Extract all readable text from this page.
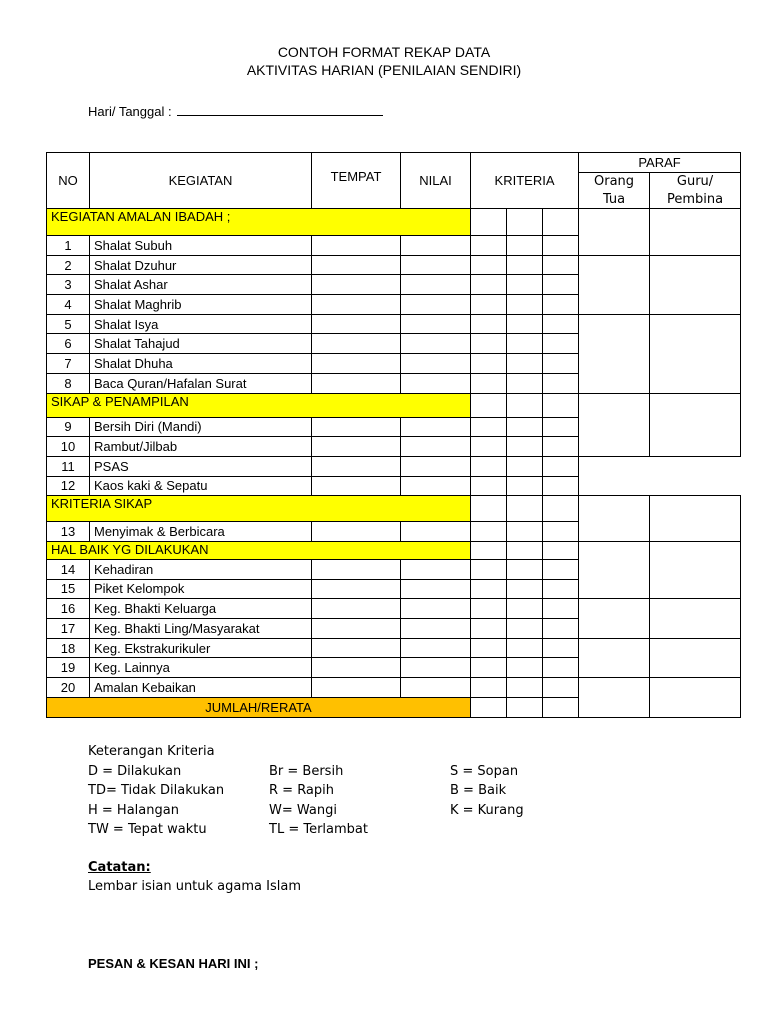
CONTOH FORMAT REKAP DATA
AKTIVITAS HARIAN (PENILAIAN SENDIRI)
Hari/ Tanggal :
NO	KEGIATAN	TEMPAT	NILAI	KRITERIA			PARAF		
							Orang	Guru/	
							Tua	Pembina	
KEGIATAN AMALAN IBADAH ;									
1	Shalat Subuh								
2	Shalat Dzuhur								
3	Shalat Ashar								
4	Shalat Maghrib								
5	Shalat Isya								
6	Shalat Tahajud								
7	Shalat Dhuha								
8	Baca Quran/Hafalan Surat								
SIKAP & PENAMPILAN									
9	Bersih Diri (Mandi)								
10	Rambut/Jilbab								
11	PSAS								
12	Kaos kaki & Sepatu								
KRITERIA SIKAP									
13	Menyimak & Berbicara								
HAL BAIK YG DILAKUKAN									
14	Kehadiran								
15	Piket Kelompok								
16	Keg. Bhakti Keluarga								
17	Keg. Bhakti Ling/Masyarakat								
18	Keg. Ekstrakurikuler								
19	Keg. Lainnya								
20	Amalan Kebaikan								
JUMLAH/RERATA									
Keterangan Kriteria
D = Dilakukan	Br = Bersih	S = Sopan
TD= Tidak Dilakukan	R = Rapih	B = Baik
H = Halangan	W= Wangi	K = Kurang
TW = Tepat waktu	TL = Terlambat
Catatan:
Lembar isian untuk agama Islam
PESAN & KESAN HARI INI ;
